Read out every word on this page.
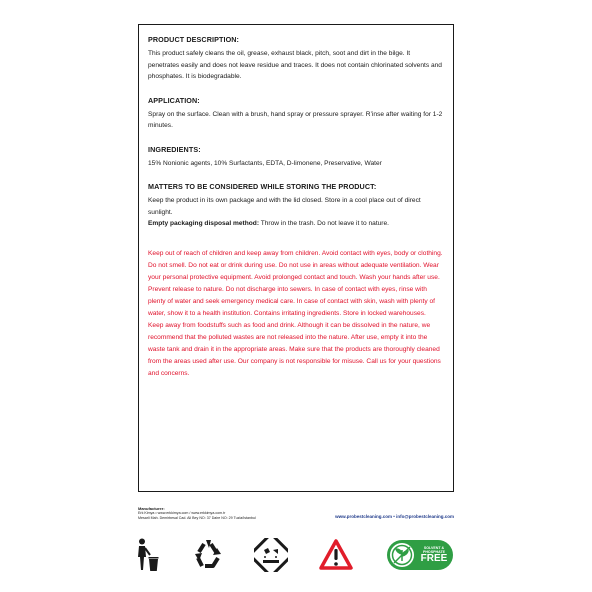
PRODUCT DESCRIPTION:

This product safely cleans the oil, grease, exhaust black, pitch, soot and dirt in the bilge. It penetrates easily and does not leave residue and traces. It does not contain chlorinated solvents and phosphates. It is biodegradable.

APPLICATION:

Spray on the surface. Clean with a brush, hand spray or pressure sprayer. R’inse after waiting for 1-2 minutes.

INGREDIENTS:

15% Nonionic agents, 10% Surfactants, EDTA, D-limonene, Preservative, Water

MATTERS TO BE CONSIDERED WHILE STORING THE PRODUCT:

Keep the product in its own package and with the lid closed. Store in a cool place out of direct sunlight.
Empty packaging disposal method: Throw in the trash. Do not leave it to nature.

Keep out of reach of children and keep away from children. Avoid contact with eyes, body or clothing. Do not smell. Do not eat or drink during use. Do not use in areas without adequate ventilation. Wear your personal protective equipment. Avoid prolonged contact and touch. Wash your hands after use. Prevent release to nature. Do not discharge into sewers. In case of contact with eyes, rinse with plenty of water and seek emergency medical care. In case of contact with skin, wash with plenty of water, show it to a health institution. Contains irritating ingredients. Store in locked warehouses. Keep away from foodstuffs such as food and drink. Although it can be dissolved in the nature, we recommend that the polluted wastes are not released into the nature. After use, empty it into the waste tank and drain it in the appropriate areas. Make sure that the products are thoroughly cleaned from the areas used after use. Our company is not responsible for misuse. Call us for your questions and concerns.

Manufacturer:
Erk Kimya • www.erkkimya.com / www.erkkimya.com.tr
Mesarli Mah. Demirbesal Cad. Ali Bey NO: 37 Daire NO: 29 Tuzla/Istanbul	www.probestcleaning.com • info@probestcleaning.com
SOLVENT & PHOSPHATE
FREE
